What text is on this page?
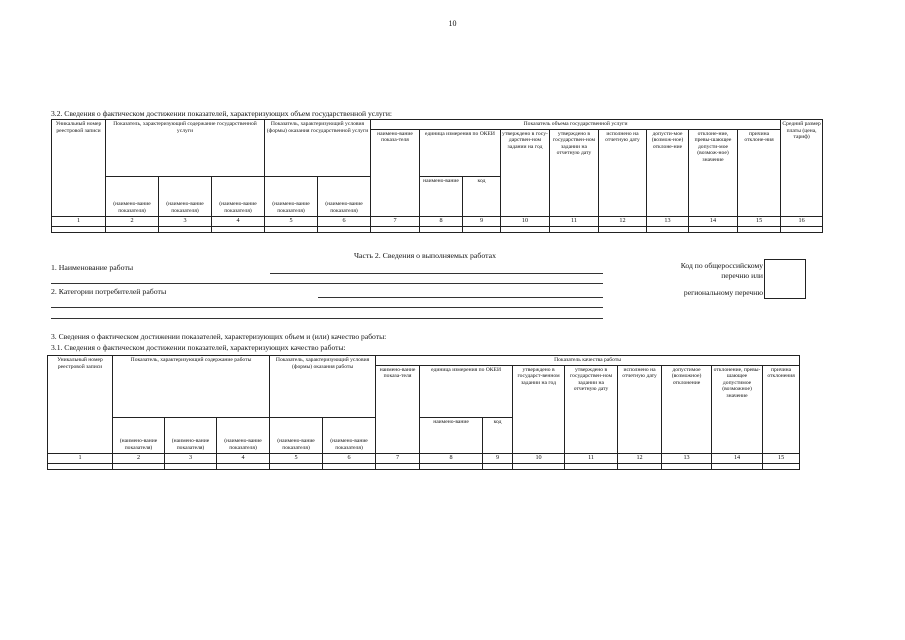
10
3.2. Сведения о фактическом достижении показателей, характеризующих объем государственной услуги:
Уникальный номер реестровой записи	Показатель, характеризующий содержание государственной услуги			Показатель, характеризующий условия (формы) оказания государственной услуги		Показатель объема государственной услуги									Средний размер платы (цена, тариф)
						наимено-вание показа-теля	единица измерения по ОКЕИ		утверждено в госу-дарствен-ном задании на год	утверждено в государствен-ном задании на отчетную дату	исполнено на отчетную дату	допусти-мое (возмож-ное) отклоне-ние	отклоне-ние, превы-шающее допусти-мое (возмож-ное) значение	причина отклоне-ния	
	(наимено-вание показателя)	(наимено-вание показателя)	(наимено-вание показателя)	(наимено-вание показателя)	(наимено-вание показателя)		наимено-вание	код							
1	2	3	4	5	6	7	8	9	10	11	12	13	14	15	16

Часть 2. Сведения о выполняемых работах
1. Наименование работы
2. Категории потребителей работы
Код по общероссийскому
перечню или
региональному перечню
3. Сведения о фактическом достижении показателей, характеризующих объем и (или) качество работы:
3.1. Сведения о фактическом достижении показателей, характеризующих качество работы:
Уникальный номер реестровой записи	Показатель, характеризующий содержание работы			Показатель, характеризующий условия (формы) оказания работы		Показатель качества работы								
						наимено-вание показа-теля	единица измерения по ОКЕИ		утверждено в государст-венном задании на год	утверждено в государствен-ном задании на отчетную дату	исполнено на отчетную дату	допустимое (возможное) отклонение	отклонение, превы-шающее допустимое (возможное) значение	причина отклонения
	(наимено-вание показателя)	(наимено-вание показателя)	(наимено-вание показателя)	(наимено-вание показателя)	(наимено-вание показателя)		наимено-вание	код						
1	2	3	4	5	6	7	8	9	10	11	12	13	14	15
